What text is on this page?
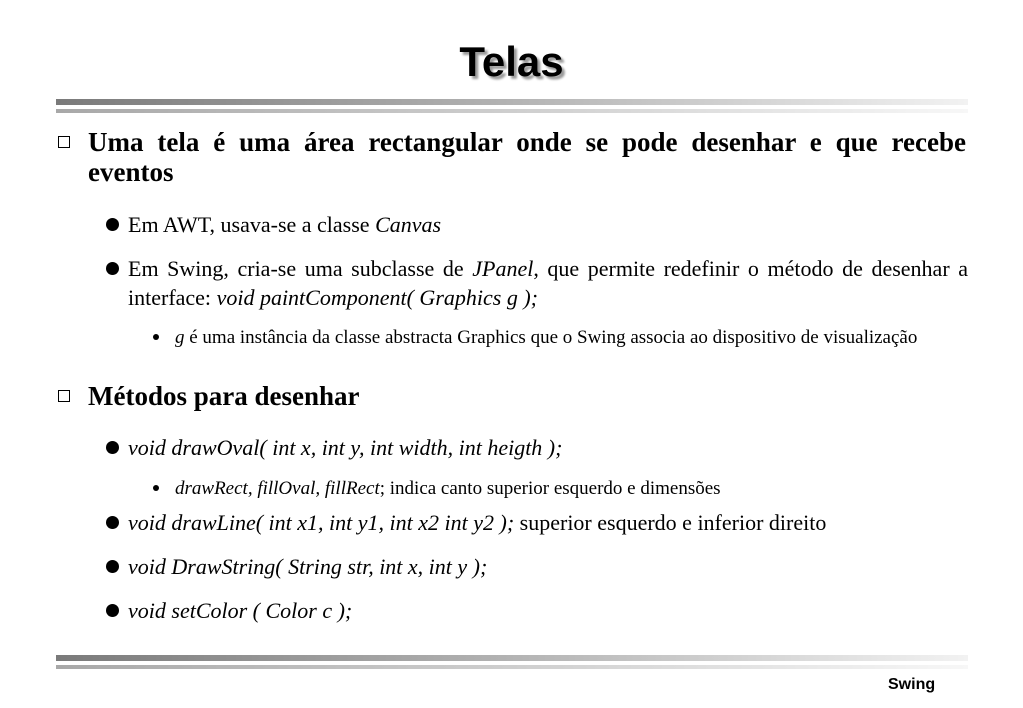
Telas
Uma tela é uma área rectangular onde se pode desenhar e que recebe eventos
Em AWT, usava-se a classe Canvas
Em Swing, cria-se uma subclasse de JPanel, que permite redefinir o método de desenhar a interface: void paintComponent( Graphics g );
g é uma instância da classe abstracta Graphics que o Swing associa ao dispositivo de visualização
Métodos para desenhar
void drawOval( int x, int y, int width, int heigth );
drawRect, fillOval, fillRect; indica canto superior esquerdo e dimensões
void drawLine( int x1, int y1, int x2 int y2 ); superior esquerdo e inferior direito
void DrawString( String str, int x, int y );
void setColor ( Color c );
Swing
